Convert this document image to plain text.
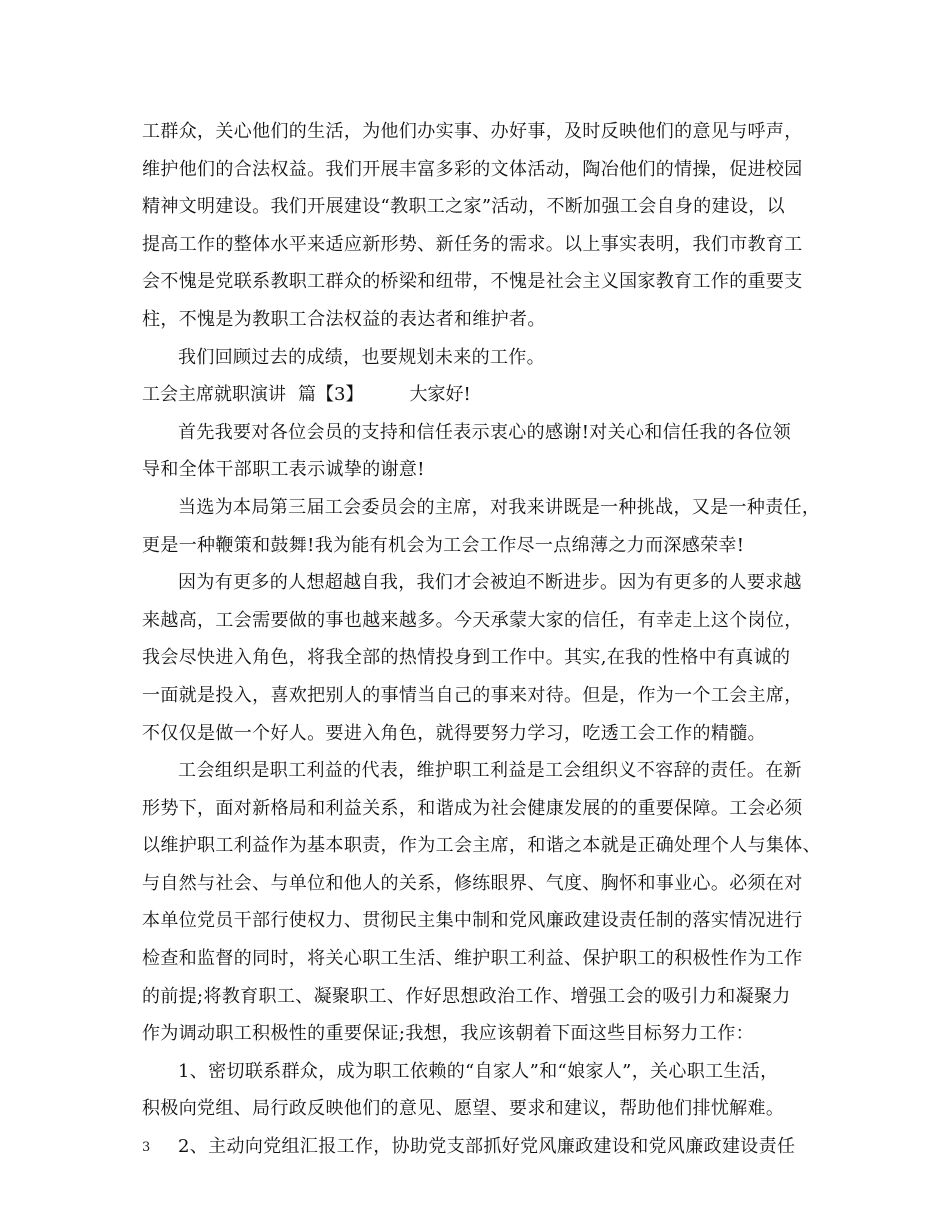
工群众，关心他们的生活，为他们办实事、办好事，及时反映他们的意见与呼声，
维护他们的合法权益。我们开展丰富多彩的文体活动，陶冶他们的情操，促进校园
精神文明建设。我们开展建设“教职工之家”活动，不断加强工会自身的建设，以
提高工作的整体水平来适应新形势、新任务的需求。以上事实表明，我们市教育工
会不愧是党联系教职工群众的桥梁和纽带，不愧是社会主义国家教育工作的重要支
柱，不愧是为教职工合法权益的表达者和维护者。
我们回顾过去的成绩，也要规划未来的工作。
工会主席就职演讲 篇【3】	大家好!
首先我要对各位会员的支持和信任表示衷心的感谢!对关心和信任我的各位领
导和全体干部职工表示诚挚的谢意!
当选为本局第三届工会委员会的主席，对我来讲既是一种挑战，又是一种责任，
更是一种鞭策和鼓舞!我为能有机会为工会工作尽一点绵薄之力而深感荣幸!
因为有更多的人想超越自我，我们才会被迫不断进步。因为有更多的人要求越
来越高，工会需要做的事也越来越多。今天承蒙大家的信任，有幸走上这个岗位，
我会尽快进入角色，将我全部的热情投身到工作中。其实,在我的性格中有真诚的
一面就是投入，喜欢把别人的事情当自己的事来对待。但是，作为一个工会主席，
不仅仅是做一个好人。要进入角色，就得要努力学习，吃透工会工作的精髓。
工会组织是职工利益的代表，维护职工利益是工会组织义不容辞的责任。在新
形势下，面对新格局和利益关系，和谐成为社会健康发展的的重要保障。工会必须
以维护职工利益作为基本职责，作为工会主席，和谐之本就是正确处理个人与集体、
与自然与社会、与单位和他人的关系，修练眼界、气度、胸怀和事业心。必须在对
本单位党员干部行使权力、贯彻民主集中制和党风廉政建设责任制的落实情况进行
检查和监督的同时，将关心职工生活、维护职工利益、保护职工的积极性作为工作
的前提;将教育职工、凝聚职工、作好思想政治工作、增强工会的吸引力和凝聚力
作为调动职工积极性的重要保证;我想，我应该朝着下面这些目标努力工作：
1、密切联系群众，成为职工依赖的“自家人”和“娘家人”，关心职工生活，
积极向党组、局行政反映他们的意见、愿望、要求和建议，帮助他们排忧解难。
2、主动向党组汇报工作，协助党支部抓好党风廉政建设和党风廉政建设责任
3
